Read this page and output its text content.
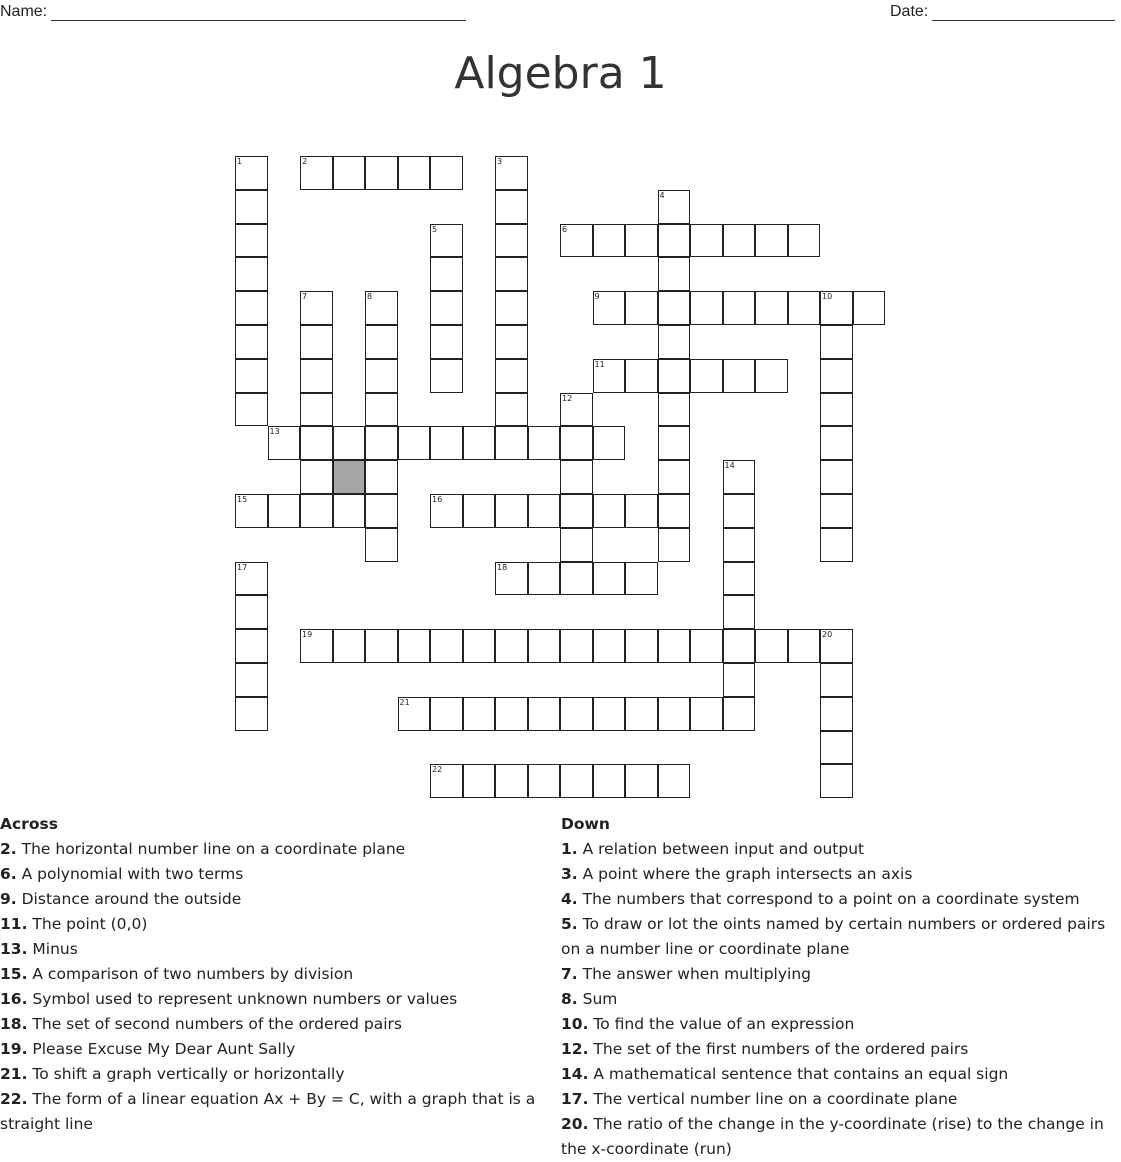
Name:	Date:
Algebra 1
1	2	3
4
5	6
7	8	9	10
11
12
13
14
15	16
17	18
19	20
21
22
Across
2. The horizontal number line on a coordinate plane
6. A polynomial with two terms
9. Distance around the outside
11. The point (0,0)
13. Minus
15. A comparison of two numbers by division
16. Symbol used to represent unknown numbers or values
18. The set of second numbers of the ordered pairs
19. Please Excuse My Dear Aunt Sally
21. To shift a graph vertically or horizontally
22. The form of a linear equation Ax + By = C, with a graph that is a straight line
Down
1. A relation between input and output
3. A point where the graph intersects an axis
4. The numbers that correspond to a point on a coordinate system
5. To draw or lot the oints named by certain numbers or ordered pairs on a number line or coordinate plane
7. The answer when multiplying
8. Sum
10. To find the value of an expression
12. The set of the first numbers of the ordered pairs
14. A mathematical sentence that contains an equal sign
17. The vertical number line on a coordinate plane
20. The ratio of the change in the y-coordinate (rise) to the change in the x-coordinate (run)
